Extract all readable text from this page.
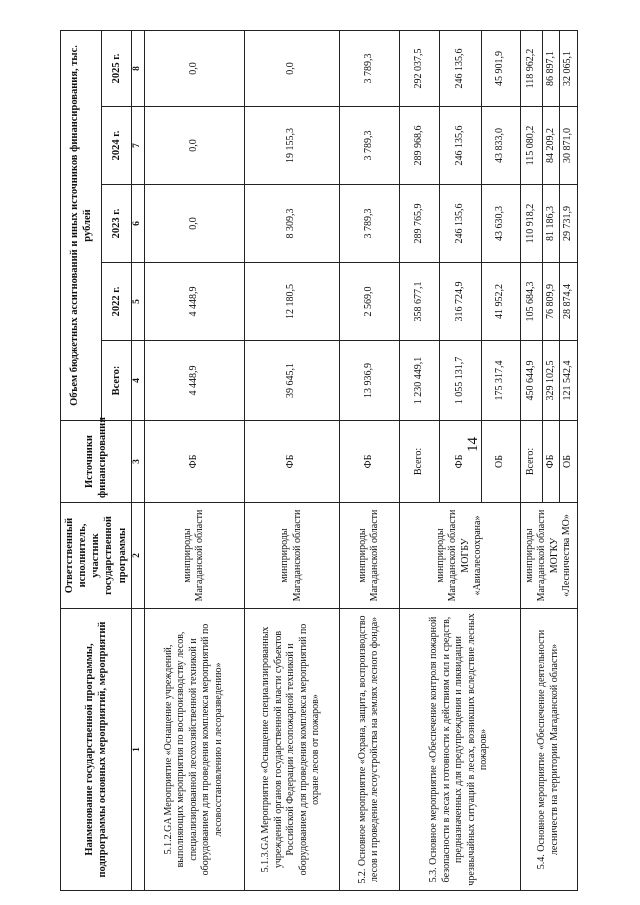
14
Наименование государственной программы, подпрограммы основных мероприятий, мероприятий	Ответственный исполнитель, участник государственной программы	Источники финансирования	Объем бюджетных ассигнований и иных источников финансирования, тыс. рублей				
			Всего:	2022 г.	2023 г.	2024 г.	2025 г.
1	2	3	4	5	6	7	8
5.1.2.GA Мероприятие «Оснащение учреждений, выполняющих мероприятия по воспроизводству лесов, специализированной лесохозяйственной техникой и оборудованием для проведения комплекса мероприятий по лесовосстановлению и лесоразведению»	минприроды Магаданской области	ФБ	4 448,9	4 448,9	0,0	0,0	0,0
5.1.3.GA Мероприятие «Оснащение специализированных учреждений органов государственной власти субъектов Российской Федерации лесопожарной техникой и оборудованием для проведения комплекса мероприятий по охране лесов от пожаров»	минприроды Магаданской области	ФБ	39 645,1	12 180,5	8 309,3	19 155,3	0,0
5.2. Основное мероприятие «Охрана, защита, воспроизводство лесов и проведение лесоустройства на землях лесного фонда»	минприроды Магаданской области	ФБ	13 936,9	2 569,0	3 789,3	3 789,3	3 789,3
5.3. Основное мероприятие «Обеспечение контроля пожарной безопасности в лесах и готовности к действиям сил и средств, предназначенных для предупреждения и ликвидации чрезвычайных ситуаций в лесах, возникших вследствие лесных пожаров»	минприроды Магаданской области МОГБУ «Авиалесоохрана»	Всего:	1 230 449,1	358 677,1	289 765,9	289 968,6	292 037,5
		ФБ	1 055 131,7	316 724,9	246 135,6	246 135,6	246 135,6
		ОБ	175 317,4	41 952,2	43 630,3	43 833,0	45 901,9
5.4. Основное мероприятие «Обеспечение деятельности лесничеств на территории Магаданской области»	минприроды Магаданской области МОГКУ «Лесничества МО»	Всего:	450 644,9	105 684,3	110 918,2	115 080,2	118 962,2
		ФБ	329 102,5	76 809,9	81 186,3	84 209,2	86 897,1
		ОБ	121 542,4	28 874,4	29 731,9	30 871,0	32 065,1
